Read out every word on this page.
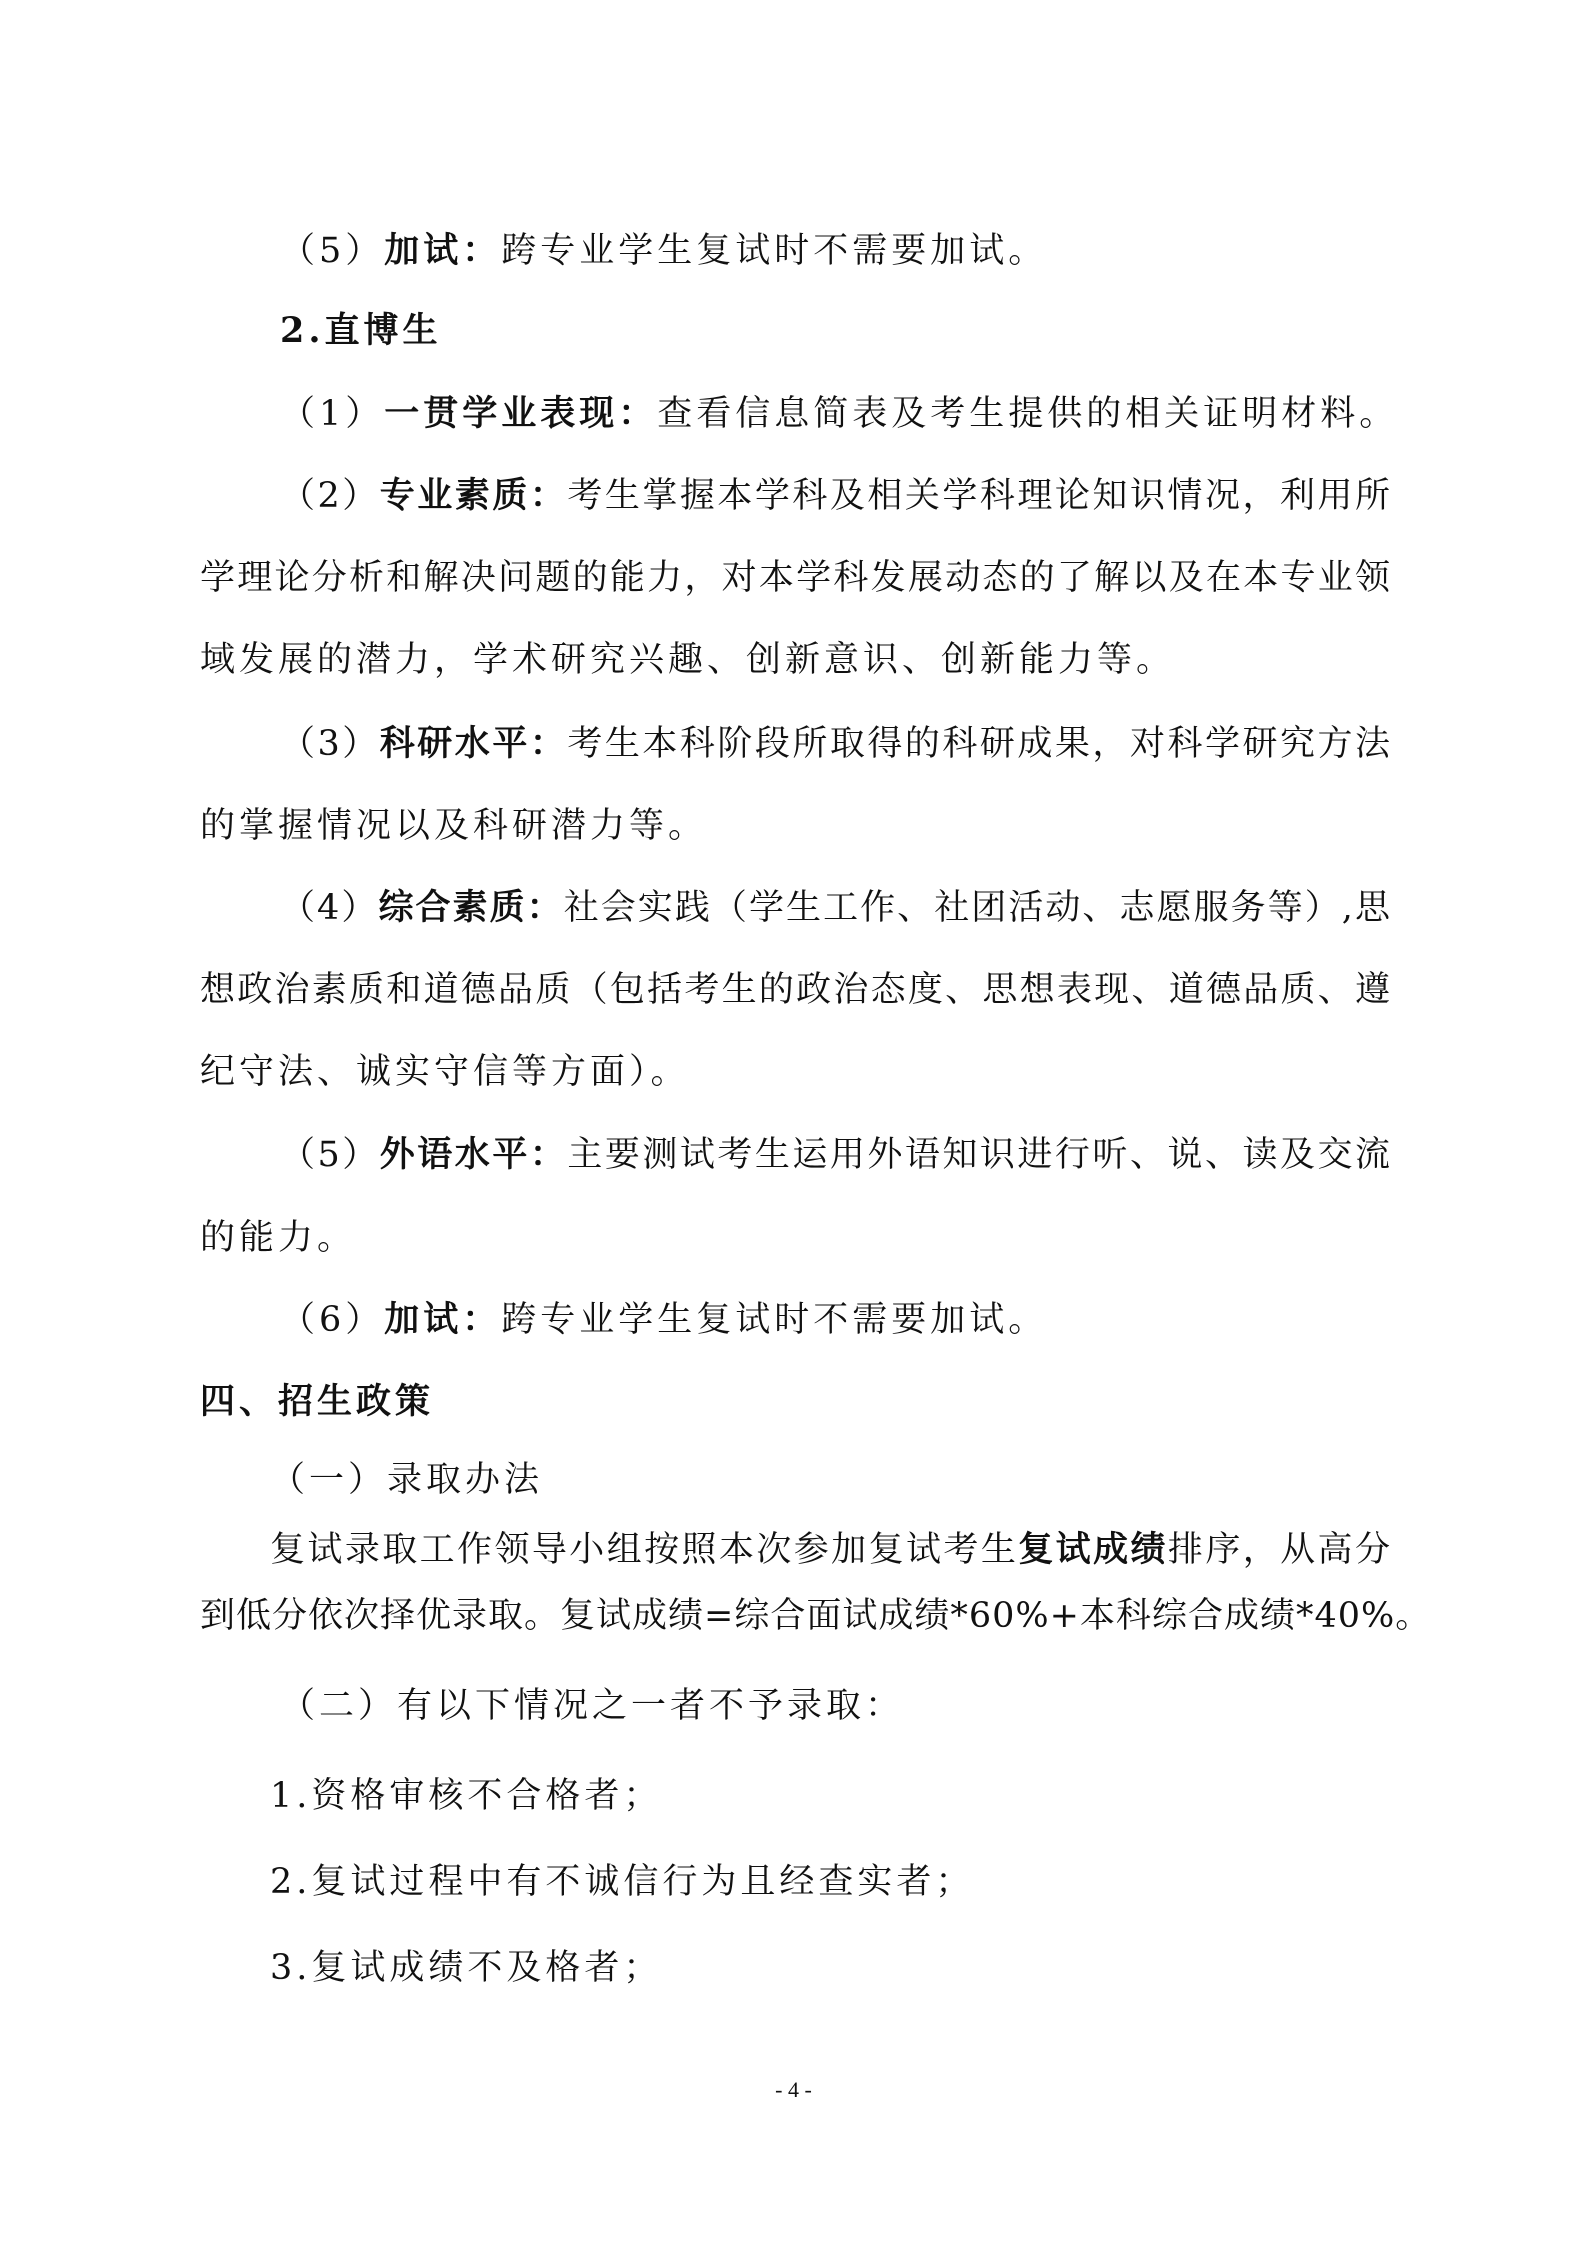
（5）加试：跨专业学生复试时不需要加试。
2.直博生
（1）一贯学业表现：查看信息简表及考生提供的相关证明材料。
（2）专业素质：考生掌握本学科及相关学科理论知识情况，利用所
学理论分析和解决问题的能力，对本学科发展动态的了解以及在本专业领
域发展的潜力，学术研究兴趣、创新意识、创新能力等。
（3）科研水平：考生本科阶段所取得的科研成果，对科学研究方法
的掌握情况以及科研潜力等。
（4）综合素质：社会实践（学生工作、社团活动、志愿服务等）,思
想政治素质和道德品质（包括考生的政治态度、思想表现、道德品质、遵
纪守法、诚实守信等方面）。
（5）外语水平：主要测试考生运用外语知识进行听、说、读及交流
的能力。
（6）加试：跨专业学生复试时不需要加试。
四、招生政策
（一）录取办法
复试录取工作领导小组按照本次参加复试考生复试成绩排序，从高分
到低分依次择优录取。复试成绩=综合面试成绩*60%+本科综合成绩*40%。
（二）有以下情况之一者不予录取：
1.资格审核不合格者；
2.复试过程中有不诚信行为且经查实者；
3.复试成绩不及格者；
- 4 -
